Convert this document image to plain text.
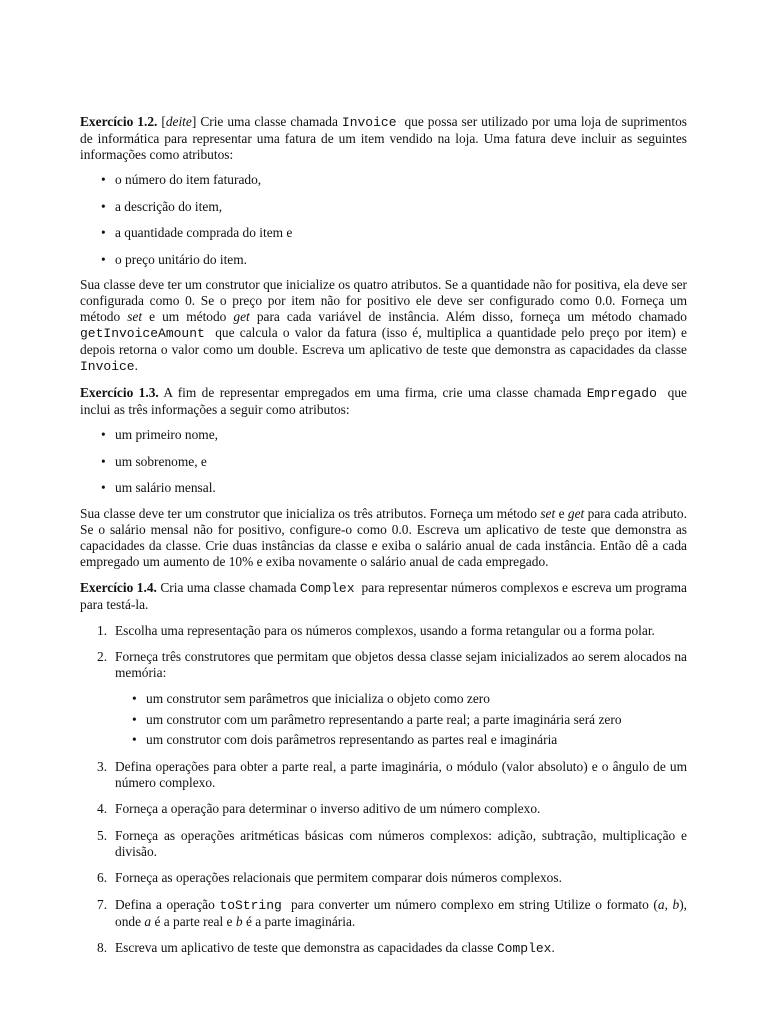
Exercício 1.2. [deite] Crie uma classe chamada Invoice que possa ser utilizado por uma loja de suprimentos de informática para representar uma fatura de um item vendido na loja. Uma fatura deve incluir as seguintes informações como atributos:

• o número do item faturado,
• a descrição do item,
• a quantidade comprada do item e
• o preço unitário do item.

Sua classe deve ter um construtor que inicialize os quatro atributos. Se a quantidade não for positiva, ela deve ser configurada como 0. Se o preço por item não for positivo ele deve ser configurado como 0.0. Forneça um método set e um método get para cada variável de instância. Além disso, forneça um método chamado getInvoiceAmount que calcula o valor da fatura (isso é, multiplica a quantidade pelo preço por item) e depois retorna o valor como um double. Escreva um aplicativo de teste que demonstra as capacidades da classe Invoice.

Exercício 1.3. A fim de representar empregados em uma firma, crie uma classe chamada Empregado que inclui as três informações a seguir como atributos:

• um primeiro nome,
• um sobrenome, e
• um salário mensal.

Sua classe deve ter um construtor que inicializa os três atributos. Forneça um método set e get para cada atributo. Se o salário mensal não for positivo, configure-o como 0.0. Escreva um aplicativo de teste que demonstra as capacidades da classe. Crie duas instâncias da classe e exiba o salário anual de cada instância. Então dê a cada empregado um aumento de 10% e exiba novamente o salário anual de cada empregado.

Exercício 1.4. Cria uma classe chamada Complex para representar números complexos e escreva um programa para testá-la.

1. Escolha uma representação para os números complexos, usando a forma retangular ou a forma polar.
2. Forneça três construtores que permitam que objetos dessa classe sejam inicializados ao serem alocados na memória:
• um construtor sem parâmetros que inicializa o objeto como zero
• um construtor com um parâmetro representando a parte real; a parte imaginária será zero
• um construtor com dois parâmetros representando as partes real e imaginária
3. Defina operações para obter a parte real, a parte imaginária, o módulo (valor absoluto) e o ângulo de um número complexo.
4. Forneça a operação para determinar o inverso aditivo de um número complexo.
5. Forneça as operações aritméticas básicas com números complexos: adição, subtração, multiplicação e divisão.
6. Forneça as operações relacionais que permitem comparar dois números complexos.
7. Defina a operação toString para converter um número complexo em string Utilize o formato (a, b), onde a é a parte real e b é a parte imaginária.
8. Escreva um aplicativo de teste que demonstra as capacidades da classe Complex.
